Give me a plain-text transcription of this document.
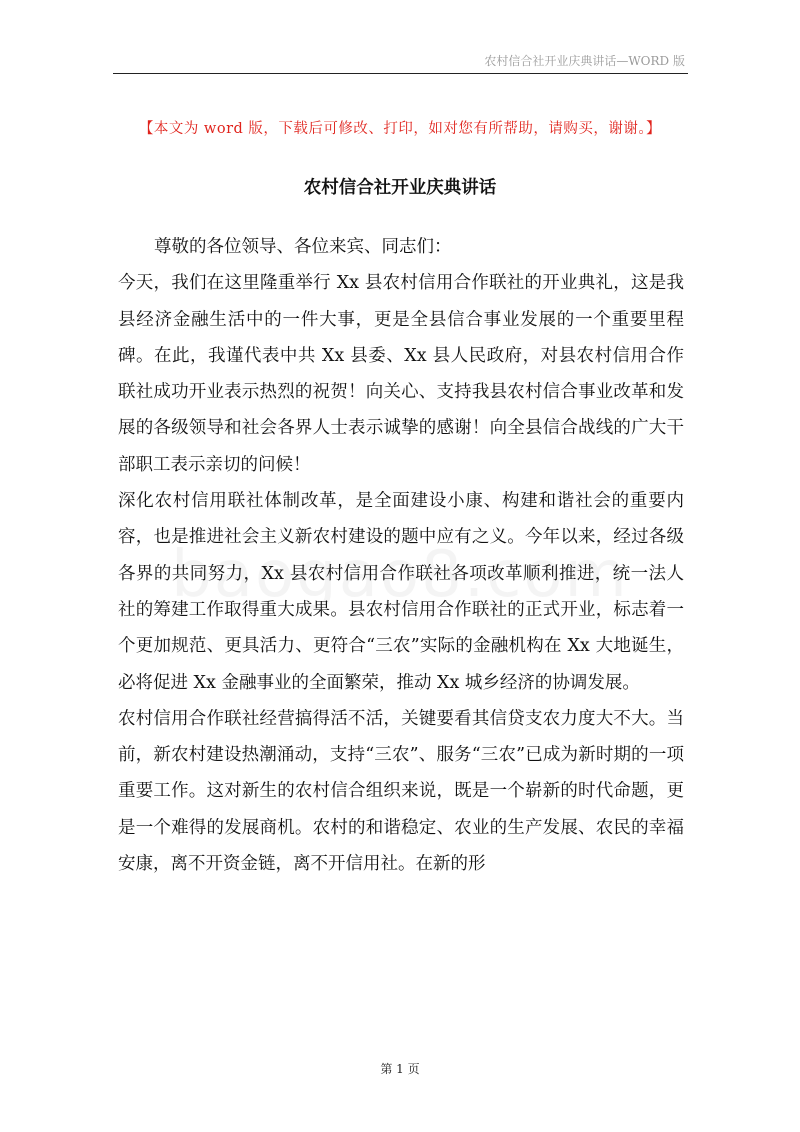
农村信合社开业庆典讲话—WORD 版
【本文为 word 版，下载后可修改、打印，如对您有所帮助，请购买，谢谢。】
农村信合社开业庆典讲话

尊敬的各位领导、各位来宾、同志们：

今天，我们在这里隆重举行 Xx 县农村信用合作联社的开业典礼，这是我县经济金融生活中的一件大事，更是全县信合事业发展的一个重要里程碑。在此，我谨代表中共 Xx 县委、Xx 县人民政府，对县农村信用合作联社成功开业表示热烈的祝贺！向关心、支持我县农村信合事业改革和发展的各级领导和社会各界人士表示诚挚的感谢！向全县信合战线的广大干部职工表示亲切的问候！

深化农村信用联社体制改革，是全面建设小康、构建和谐社会的重要内容，也是推进社会主义新农村建设的题中应有之义。今年以来，经过各级各界的共同努力，Xx 县农村信用合作联社各项改革顺利推进，统一法人社的筹建工作取得重大成果。县农村信用合作联社的正式开业，标志着一个更加规范、更具活力、更符合“三农”实际的金融机构在 Xx 大地诞生，必将促进 Xx 金融事业的全面繁荣，推动 Xx 城乡经济的协调发展。

农村信用合作联社经营搞得活不活，关键要看其信贷支农力度大不大。当前，新农村建设热潮涌动，支持“三农”、服务“三农”已成为新时期的一项重要工作。这对新生的农村信合组织来说，既是一个崭新的时代命题，更是一个难得的发展商机。农村的和谐稳定、农业的生产发展、农民的幸福安康，离不开资金链，离不开信用社。在新的形

第 1 页
